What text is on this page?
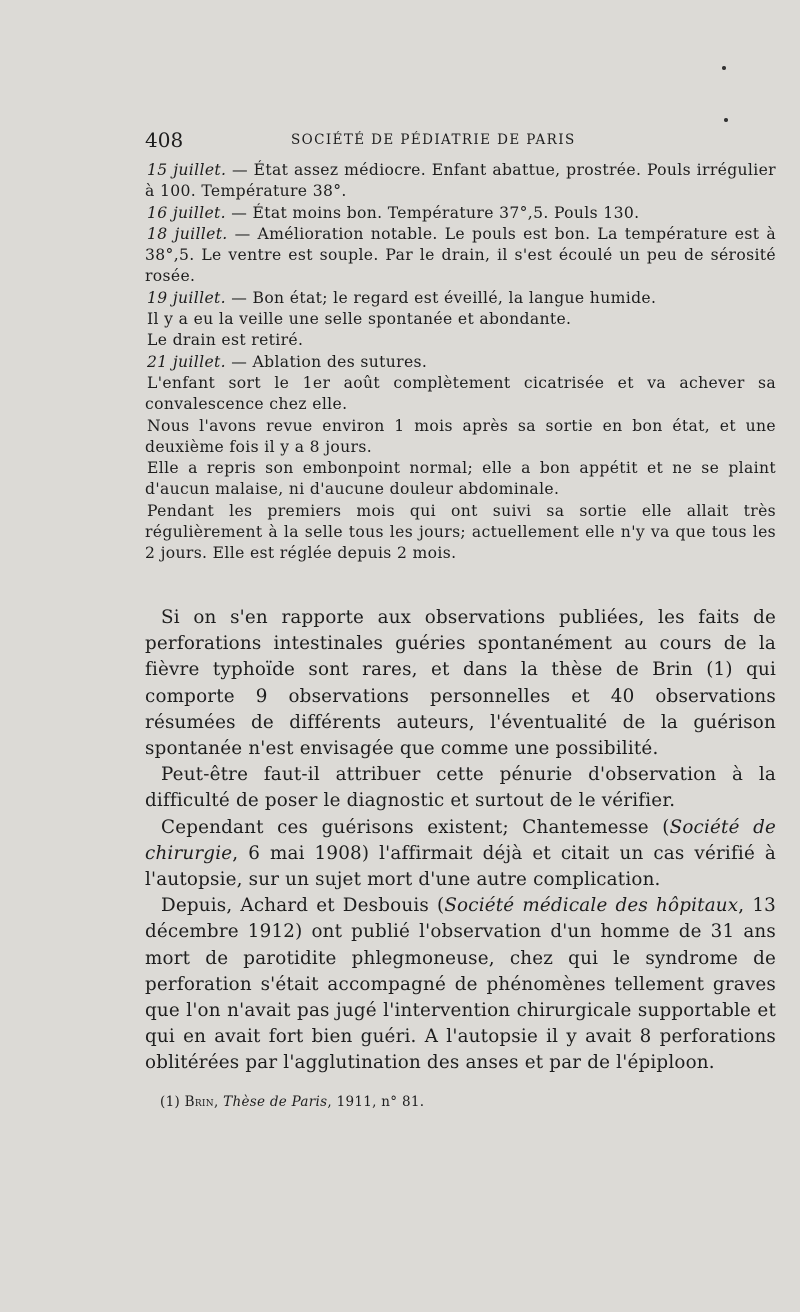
408	SOCIÉTÉ DE PÉDIATRIE DE PARIS

15 juillet. — État assez médiocre. Enfant abattue, prostrée. Pouls irrégulier à 100. Température 38°.

16 juillet. — État moins bon. Température 37°,5. Pouls 130.

18 juillet. — Amélioration notable. Le pouls est bon. La température est à 38°,5. Le ventre est souple. Par le drain, il s'est écoulé un peu de sérosité rosée.

19 juillet. — Bon état; le regard est éveillé, la langue humide.

Il y a eu la veille une selle spontanée et abondante.

Le drain est retiré.

21 juillet. — Ablation des sutures.

L'enfant sort le 1er août complètement cicatrisée et va achever sa convalescence chez elle.

Nous l'avons revue environ 1 mois après sa sortie en bon état, et une deuxième fois il y a 8 jours.

Elle a repris son embonpoint normal; elle a bon appétit et ne se plaint d'aucun malaise, ni d'aucune douleur abdominale.

Pendant les premiers mois qui ont suivi sa sortie elle allait très régulièrement à la selle tous les jours; actuellement elle n'y va que tous les 2 jours. Elle est réglée depuis 2 mois.

Si on s'en rapporte aux observations publiées, les faits de perforations intestinales guéries spontanément au cours de la fièvre typhoïde sont rares, et dans la thèse de Brin (1) qui comporte 9 observations personnelles et 40 observations résumées de différents auteurs, l'éventualité de la guérison spontanée n'est envisagée que comme une possibilité.

Peut-être faut-il attribuer cette pénurie d'observation à la difficulté de poser le diagnostic et surtout de le vérifier.

Cependant ces guérisons existent; Chantemesse (Société de chirurgie, 6 mai 1908) l'affirmait déjà et citait un cas vérifié à l'autopsie, sur un sujet mort d'une autre complication.

Depuis, Achard et Desbouis (Société médicale des hôpitaux, 13 décembre 1912) ont publié l'observation d'un homme de 31 ans mort de parotidite phlegmoneuse, chez qui le syndrome de perforation s'était accompagné de phénomènes tellement graves que l'on n'avait pas jugé l'intervention chirurgicale supportable et qui en avait fort bien guéri. A l'autopsie il y avait 8 perforations oblitérées par l'agglutination des anses et par de l'épiploon.

(1) Brin, Thèse de Paris, 1911, n° 81.
